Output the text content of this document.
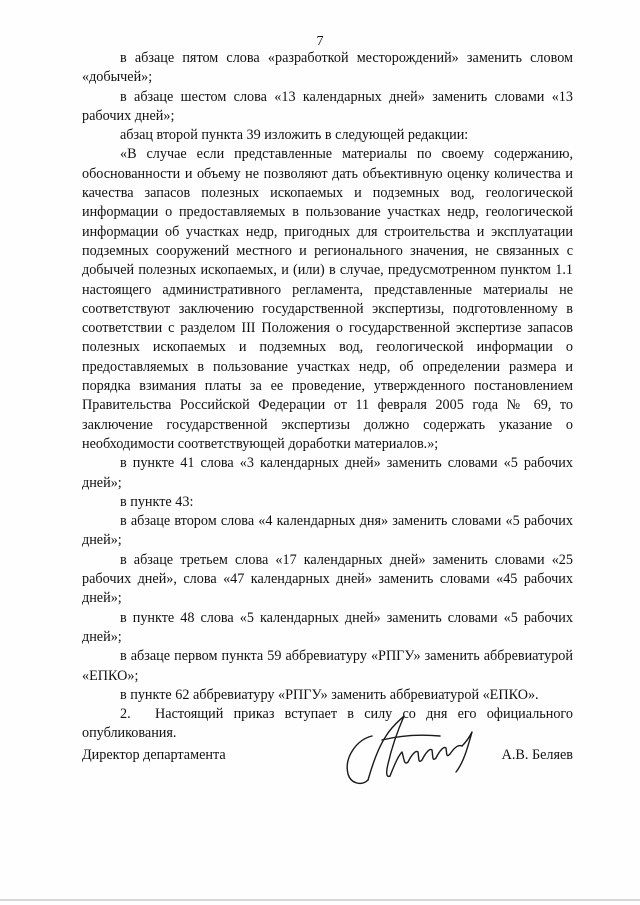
7

в абзаце пятом слова «разработкой месторождений» заменить словом «добычей»;

в абзаце шестом слова «13 календарных дней» заменить словами «13 рабочих дней»;

абзац второй пункта 39 изложить в следующей редакции:

«В случае если представленные материалы по своему содержанию, обоснованности и объему не позволяют дать объективную оценку количества и качества запасов полезных ископаемых и подземных вод, геологической информации о предоставляемых в пользование участках недр, геологической информации об участках недр, пригодных для строительства и эксплуатации подземных сооружений местного и регионального значения, не связанных с добычей полезных ископаемых, и (или) в случае, предусмотренном пунктом 1.1 настоящего административного регламента, представленные материалы не соответствуют заключению государственной экспертизы, подготовленному в соответствии с разделом III Положения о государственной экспертизе запасов полезных ископаемых и подземных вод, геологической информации о предоставляемых в пользование участках недр, об определении размера и порядка взимания платы за ее проведение, утвержденного постановлением Правительства Российской Федерации от 11 февраля 2005 года № 69, то заключение государственной экспертизы должно содержать указание о необходимости соответствующей доработки материалов.»;

в пункте 41 слова «3 календарных дней» заменить словами «5 рабочих дней»;

в пункте 43:

в абзаце втором слова «4 календарных дня» заменить словами «5 рабочих дней»;

в абзаце третьем слова «17 календарных дней» заменить словами «25 рабочих дней», слова «47 календарных дней» заменить словами «45 рабочих дней»;

в пункте 48 слова «5 календарных дней» заменить словами «5 рабочих дней»;

в абзаце первом пункта 59 аббревиатуру «РПГУ» заменить аббревиатурой «ЕПКО»;

в пункте 62 аббревиатуру «РПГУ» заменить аббревиатурой «ЕПКО».

2.  Настоящий приказ вступает в силу со дня его официального опубликования.

Директор департамента	А.В. Беляев
